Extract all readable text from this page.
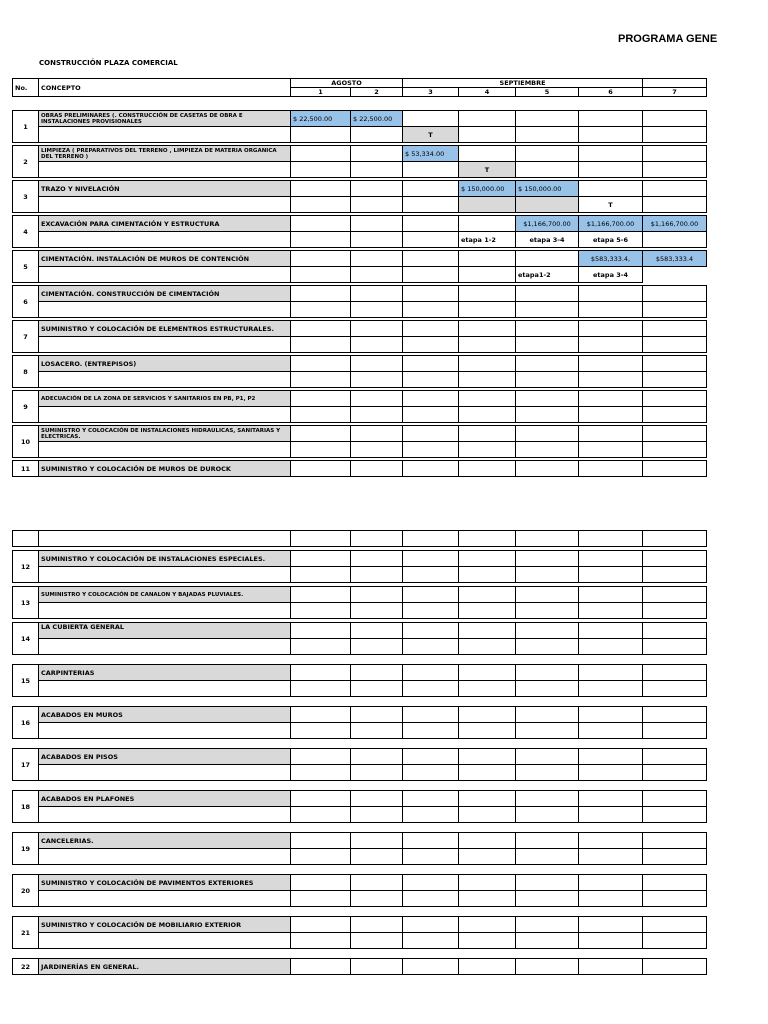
PROGRAMA GENE
CONSTRUCCIÓN PLAZA COMERCIAL
No.	CONCEPTO	AGOSTO		SEPTIEMBRE				
		1	2	3	4	5	6	7
1	OBRAS PRELIMINARES (. CONSTRUCCIÓN DE CASETAS DE OBRA E INSTALACIONES PROVISIONALES	$ 22,500.00	$ 22,500.00					
				T				
2	LIMPIEZA ( PREPARATIVOS DEL TERRENO , LIMPIEZA DE MATERIA ORGANICA DEL TERRENO )			$ 53,334.00				
					T			
3	TRAZO Y NIVELACIÓN				$ 150,000.00	$ 150,000.00		
							T	
4	EXCAVACIÓN PARA CIMENTACIÓN Y ESTRUCTURA					$1,166,700.00	$1,166,700.00	$1,166,700.00
					etapa 1-2	etapa 3-4	etapa 5-6	
5	CIMENTACIÓN. INSTALACIÓN DE MUROS DE CONTENCIÓN						$583,333.4,	$583,333.4
						etapa1-2	etapa 3-4	
6	CIMENTACIÓN. CONSTRUCCIÓN DE CIMENTACIÓN							

7	SUMINISTRO Y COLOCACIÓN DE ELEMENTROS ESTRUCTURALES.							

8	LOSACERO. (ENTREPISOS)							

9	ADECUACIÓN DE LA ZONA DE SERVICIOS Y SANITARIOS EN PB, P1, P2							

10	SUMINISTRO Y COLOCACIÓN DE INSTALACIONES HIDRAULICAS, SANITARIAS Y ELECTRICAS.							

11	SUMINISTRO Y COLOCACIÓN DE MUROS DE DUROCK							

12	SUMINISTRO Y COLOCACIÓN DE INSTALACIONES ESPECIALES.							

13	SUMINISTRO Y COLOCACIÓN DE CANALON Y BAJADAS PLUVIALES.							

14	LA CUBIERTA GENERAL							

15	CARPINTERIAS							

16	ACABADOS EN MUROS							

17	ACABADOS EN PISOS							

18	ACABADOS EN PLAFONES							

19	CANCELERIAS.							

20	SUMINISTRO Y COLOCACIÓN DE PAVIMENTOS EXTERIORES							

21	SUMINISTRO Y COLOCACIÓN DE MOBILIARIO EXTERIOR							

22	JARDINERÍAS EN GENERAL.							
